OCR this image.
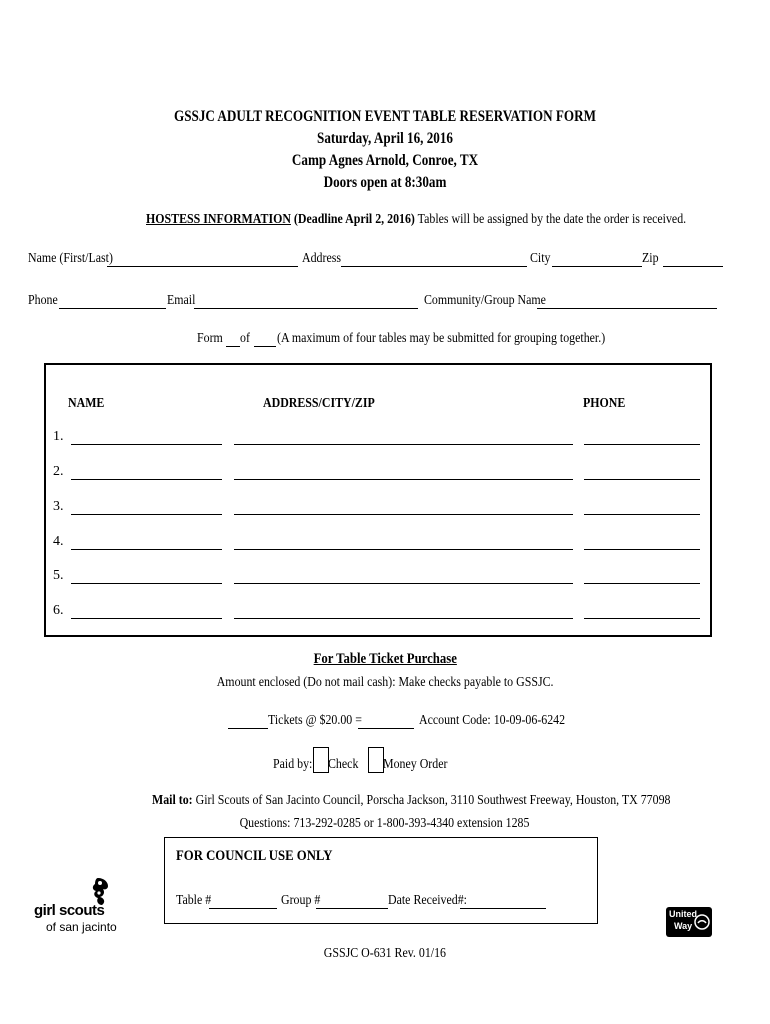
GSSJC ADULT RECOGNITION EVENT TABLE RESERVATION FORM
Saturday, April 16, 2016
Camp Agnes Arnold, Conroe, TX
Doors open at 8:30am
HOSTESS INFORMATION (Deadline April 2, 2016) Tables will be assigned by the date the order is received.
Name (First/Last)	Address	City	Zip
Phone	Email	Community/Group Name
Form of (A maximum of four tables may be submitted for grouping together.)
NAME	ADDRESS/CITY/ZIP	PHONE
1.
2.
3.
4.
5.
6.
For Table Ticket Purchase
Amount enclosed (Do not mail cash): Make checks payable to GSSJC.
Tickets @ $20.00 =	Account Code: 10-09-06-6242
Paid by: Check Money Order
Mail to: Girl Scouts of San Jacinto Council, Porscha Jackson, 3110 Southwest Freeway, Houston, TX 77098
Questions: 713-292-0285 or 1-800-393-4340 extension 1285
FOR COUNCIL USE ONLY
Table #	Group #	Date Received#:
girl scouts
of san jacinto
United
Way
GSSJC O-631 Rev. 01/16
